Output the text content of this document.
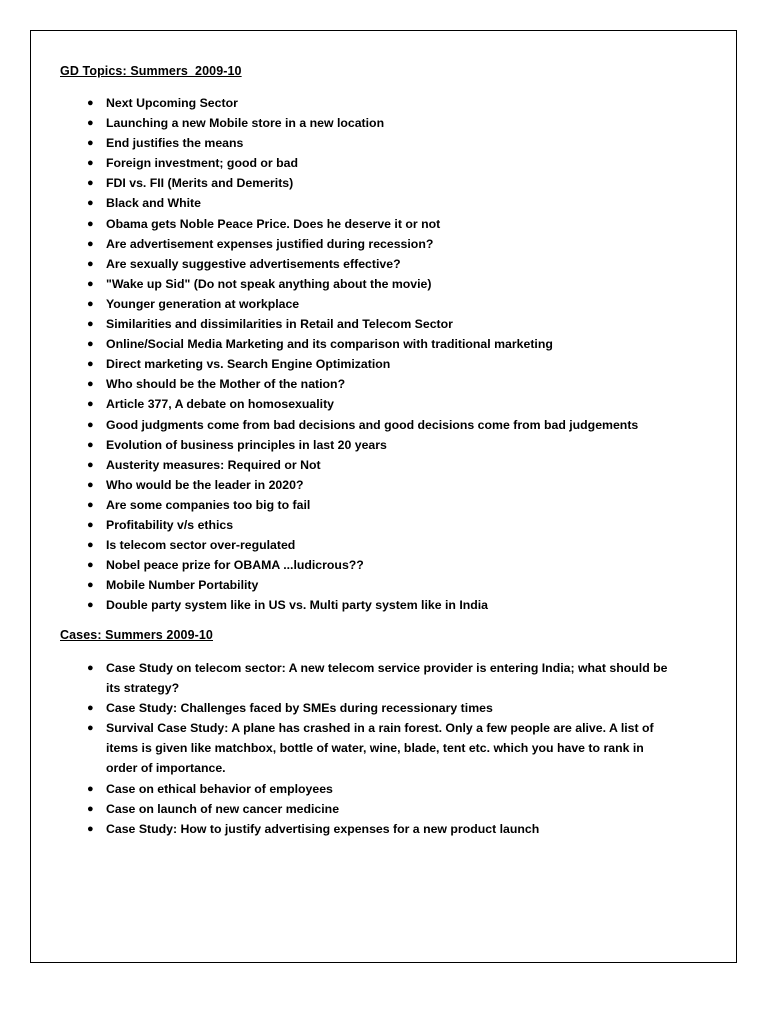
GD Topics: Summers_2009-10
● Next Upcoming Sector
● Launching a new Mobile store in a new location
● End justifies the means
● Foreign investment; good or bad
● FDI vs. FII (Merits and Demerits)
● Black and White
● Obama gets Noble Peace Price. Does he deserve it or not
● Are advertisement expenses justified during recession?
● Are sexually suggestive advertisements effective?
● "Wake up Sid" (Do not speak anything about the movie)
● Younger generation at workplace
● Similarities and dissimilarities in Retail and Telecom Sector
● Online/Social Media Marketing and its comparison with traditional marketing
● Direct marketing vs. Search Engine Optimization
● Who should be the Mother of the nation?
● Article 377, A debate on homosexuality
● Good judgments come from bad decisions and good decisions come from bad judgements
● Evolution of business principles in last 20 years
● Austerity measures: Required or Not
● Who would be the leader in 2020?
● Are some companies too big to fail
● Profitability v/s ethics
● Is telecom sector over-regulated
● Nobel peace prize for OBAMA ...ludicrous??
● Mobile Number Portability
● Double party system like in US vs. Multi party system like in India
Cases: Summers 2009-10
● Case Study on telecom sector: A new telecom service provider is entering India; what should be its strategy?
● Case Study: Challenges faced by SMEs during recessionary times
● Survival Case Study: A plane has crashed in a rain forest. Only a few people are alive. A list of items is given like matchbox, bottle of water, wine, blade, tent etc. which you have to rank in order of importance.
● Case on ethical behavior of employees
● Case on launch of new cancer medicine
● Case Study: How to justify advertising expenses for a new product launch
